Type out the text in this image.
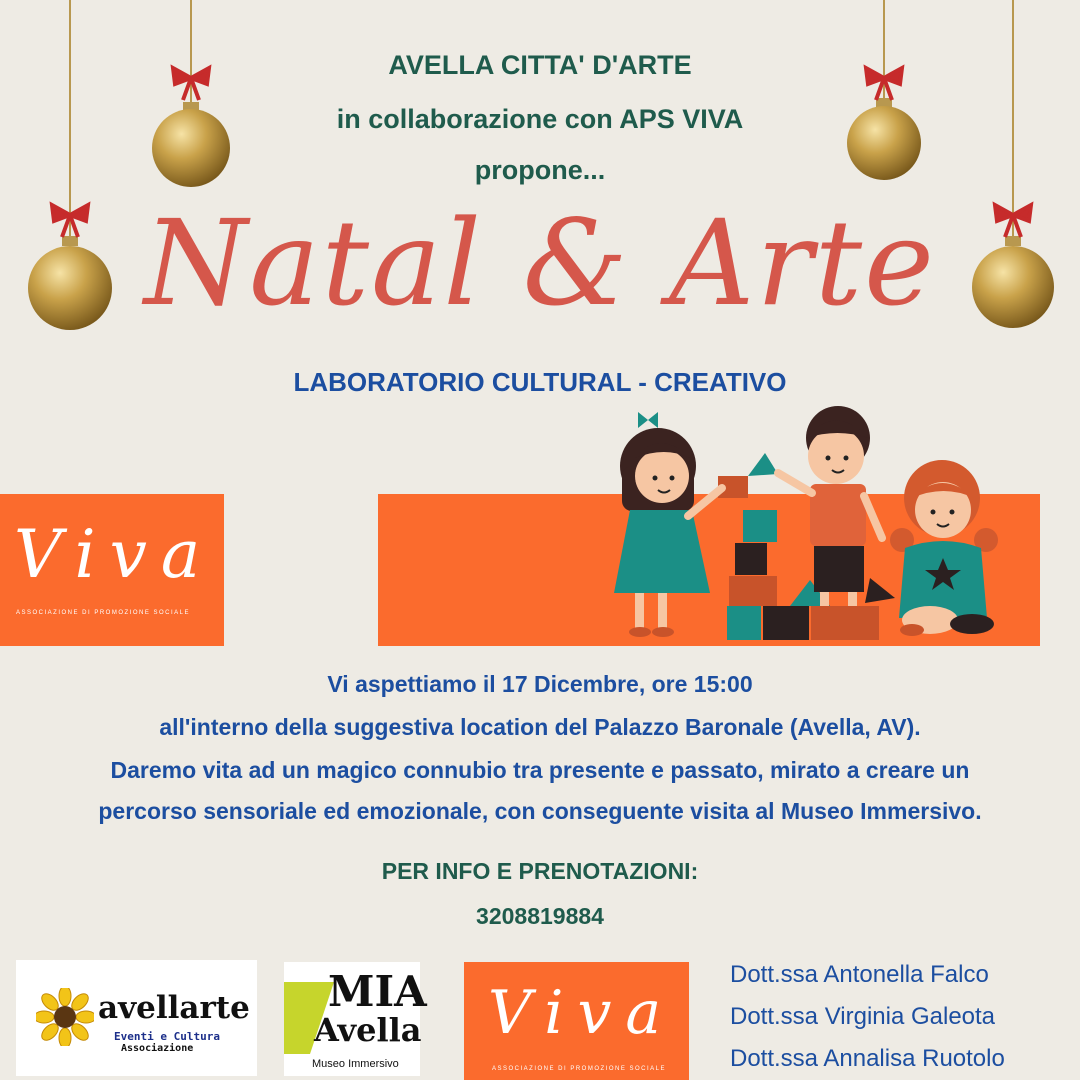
AVELLA CITTA' D'ARTE
in collaborazione con APS VIVA
propone...
Natal & Arte
LABORATORIO CULTURAL - CREATIVO
Viva
ASSOCIAZIONE DI PROMOZIONE SOCIALE
Vi aspettiamo il 17 Dicembre, ore 15:00
all'interno della suggestiva location del Palazzo Baronale (Avella, AV).
Daremo vita ad un magico connubio tra presente e passato, mirato a creare un
percorso sensoriale ed emozionale, con conseguente visita al Museo Immersivo.
PER INFO E PRENOTAZIONI:
3208819884
avellarte
Eventi e Cultura
Associazione
MIA
Avella
Museo Immersivo
Viva
ASSOCIAZIONE DI PROMOZIONE SOCIALE
Dott.ssa Antonella Falco
Dott.ssa Virginia Galeota
Dott.ssa Annalisa Ruotolo
